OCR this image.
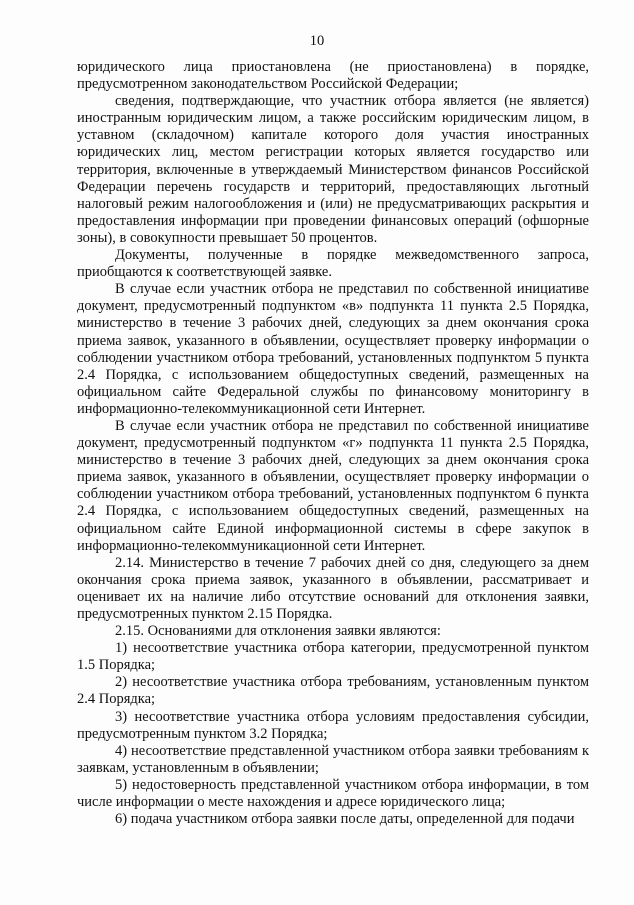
10

юридического лица приостановлена (не приостановлена) в порядке, предусмотренном законодательством Российской Федерации;

сведения, подтверждающие, что участник отбора является (не является) иностранным юридическим лицом, а также российским юридическим лицом, в уставном (складочном) капитале которого доля участия иностранных юридических лиц, местом регистрации которых является государство или территория, включенные в утверждаемый Министерством финансов Российской Федерации перечень государств и территорий, предоставляющих льготный налоговый режим налогообложения и (или) не предусматривающих раскрытия и предоставления информации при проведении финансовых операций (офшорные зоны), в совокупности превышает 50 процентов.

Документы, полученные в порядке межведомственного запроса, приобщаются к соответствующей заявке.

В случае если участник отбора не представил по собственной инициативе документ, предусмотренный подпунктом «в» подпункта 11 пункта 2.5 Порядка, министерство в течение 3 рабочих дней, следующих за днем окончания срока приема заявок, указанного в объявлении, осуществляет проверку информации о соблюдении участником отбора требований, установленных подпунктом 5 пункта 2.4 Порядка, с использованием общедоступных сведений, размещенных на официальном сайте Федеральной службы по финансовому мониторингу в информационно-телекоммуникационной сети Интернет.

В случае если участник отбора не представил по собственной инициативе документ, предусмотренный подпунктом «г» подпункта 11 пункта 2.5 Порядка, министерство в течение 3 рабочих дней, следующих за днем окончания срока приема заявок, указанного в объявлении, осуществляет проверку информации о соблюдении участником отбора требований, установленных подпунктом 6 пункта 2.4 Порядка, с использованием общедоступных сведений, размещенных на официальном сайте Единой информационной системы в сфере закупок в информационно-телекоммуникационной сети Интернет.

2.14. Министерство в течение 7 рабочих дней со дня, следующего за днем окончания срока приема заявок, указанного в объявлении, рассматривает и оценивает их на наличие либо отсутствие оснований для отклонения заявки, предусмотренных пунктом 2.15 Порядка.

2.15. Основаниями для отклонения заявки являются:

1) несоответствие участника отбора категории, предусмотренной пунктом 1.5 Порядка;

2) несоответствие участника отбора требованиям, установленным пунктом 2.4 Порядка;

3) несоответствие участника отбора условиям предоставления субсидии, предусмотренным пунктом 3.2 Порядка;

4) несоответствие представленной участником отбора заявки требованиям к заявкам, установленным в объявлении;

5) недостоверность представленной участником отбора информации, в том числе информации о месте нахождения и адресе юридического лица;

6) подача участником отбора заявки после даты, определенной для подачи
